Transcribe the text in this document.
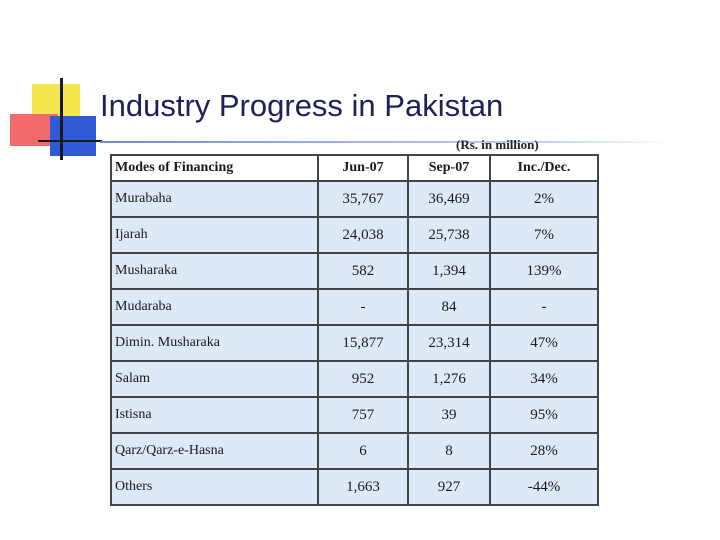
Industry Progress in Pakistan
(Rs. in million)
Modes of Financing	Jun-07	Sep-07	Inc./Dec.
Murabaha	35,767	36,469	2%
Ijarah	24,038	25,738	7%
Musharaka	582	1,394	139%
Mudaraba	-	84	-
Dimin. Musharaka	15,877	23,314	47%
Salam	952	1,276	34%
Istisna	757	39	95%
Qarz/Qarz-e-Hasna	6	8	28%
Others	1,663	927	-44%
